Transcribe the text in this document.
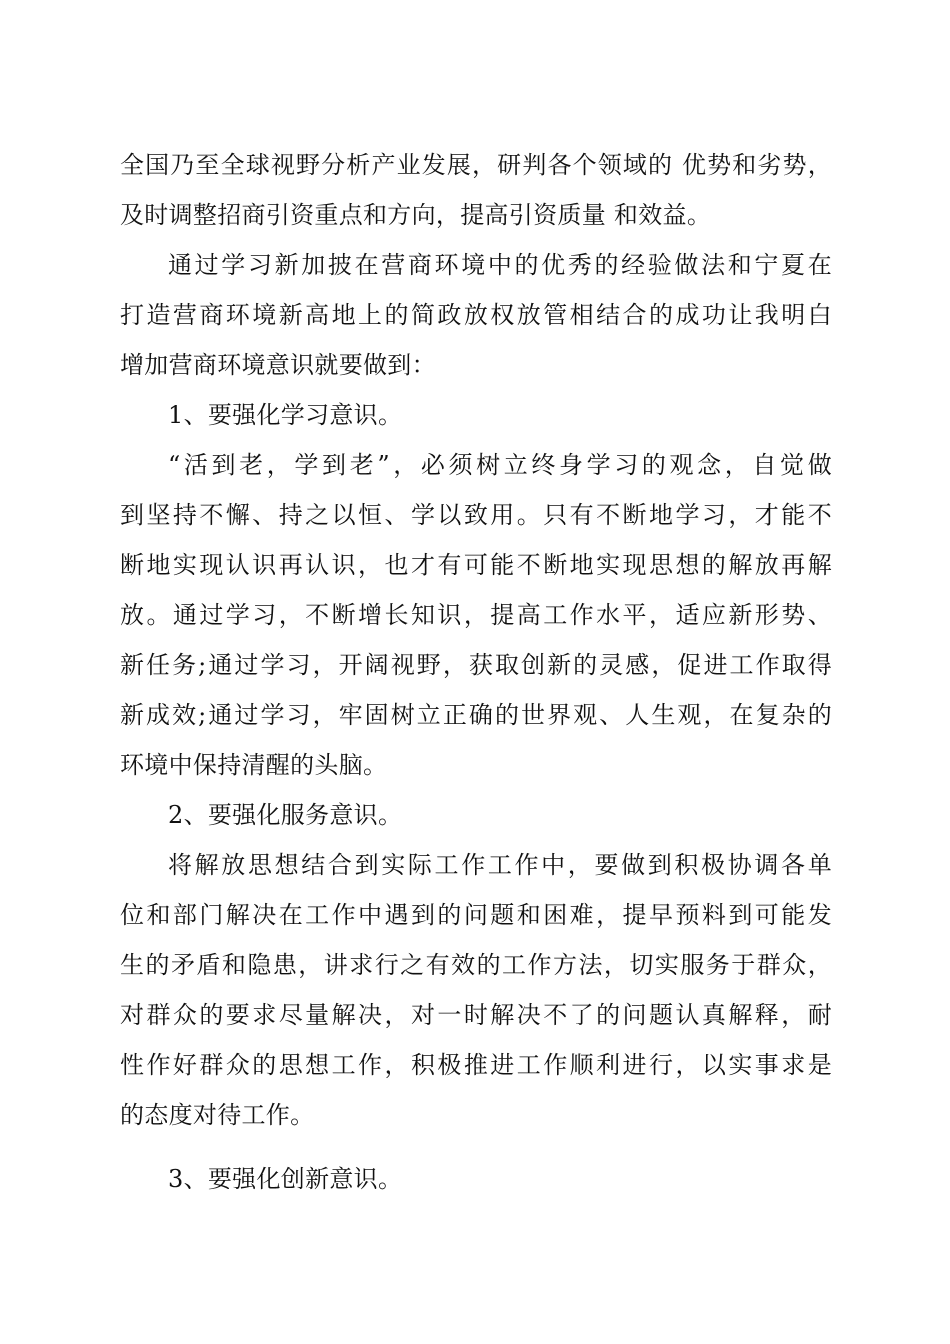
全国乃至全球视野分析产业发展，研判各个领域的 优势和劣势，
及时调整招商引资重点和方向，提高引资质量 和效益。
通过学习新加披在营商环境中的优秀的经验做法和宁夏在
打造营商环境新高地上的简政放权放管相结合的成功让我明白
增加营商环境意识就要做到：
1、要强化学习意识。
“活到老，学到老”，必须树立终身学习的观念，自觉做
到坚持不懈、持之以恒、学以致用。只有不断地学习，才能不
断地实现认识再认识，也才有可能不断地实现思想的解放再解
放。通过学习，不断增长知识，提高工作水平，适应新形势、
新任务;通过学习，开阔视野，获取创新的灵感，促进工作取得
新成效;通过学习，牢固树立正确的世界观、人生观，在复杂的
环境中保持清醒的头脑。
2、要强化服务意识。
将解放思想结合到实际工作工作中，要做到积极协调各单
位和部门解决在工作中遇到的问题和困难，提早预料到可能发
生的矛盾和隐患，讲求行之有效的工作方法，切实服务于群众，
对群众的要求尽量解决，对一时解决不了的问题认真解释，耐
性作好群众的思想工作，积极推进工作顺利进行，以实事求是
的态度对待工作。
3、要强化创新意识。
